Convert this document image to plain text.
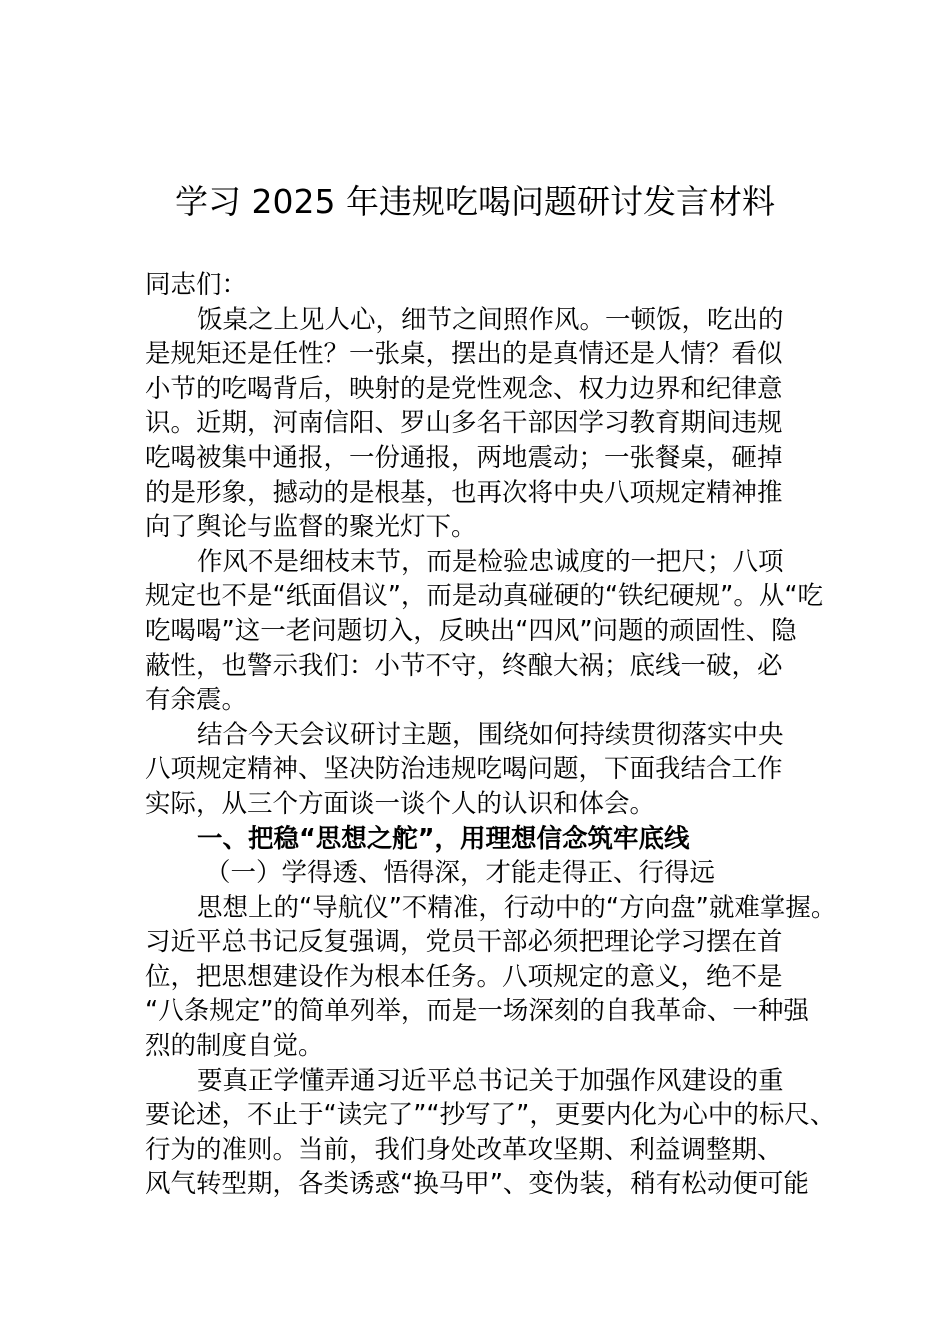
学习 2025 年违规吃喝问题研讨发言材料

同志们：

饭桌之上见人心，细节之间照作风。一顿饭，吃出的

是规矩还是任性？一张桌，摆出的是真情还是人情？看似

小节的吃喝背后，映射的是党性观念、权力边界和纪律意

识。近期，河南信阳、罗山多名干部因学习教育期间违规

吃喝被集中通报，一份通报，两地震动；一张餐桌，砸掉

的是形象，撼动的是根基，也再次将中央八项规定精神推

向了舆论与监督的聚光灯下。

作风不是细枝末节，而是检验忠诚度的一把尺；八项

规定也不是“纸面倡议”，而是动真碰硬的“铁纪硬规”。从“吃

吃喝喝”这一老问题切入，反映出“四风”问题的顽固性、隐

蔽性，也警示我们：小节不守，终酿大祸；底线一破，必

有余震。

结合今天会议研讨主题，围绕如何持续贯彻落实中央

八项规定精神、坚决防治违规吃喝问题，下面我结合工作

实际，从三个方面谈一谈个人的认识和体会。

一、把稳“思想之舵”，用理想信念筑牢底线

（一）学得透、悟得深，才能走得正、行得远

思想上的“导航仪”不精准，行动中的“方向盘”就难掌握。

习近平总书记反复强调，党员干部必须把理论学习摆在首

位，把思想建设作为根本任务。八项规定的意义，绝不是

“八条规定”的简单列举，而是一场深刻的自我革命、一种强

烈的制度自觉。

要真正学懂弄通习近平总书记关于加强作风建设的重

要论述，不止于“读完了”“抄写了”，更要内化为心中的标尺、

行为的准则。当前，我们身处改革攻坚期、利益调整期、

风气转型期，各类诱惑“换马甲”、变伪装，稍有松动便可能
